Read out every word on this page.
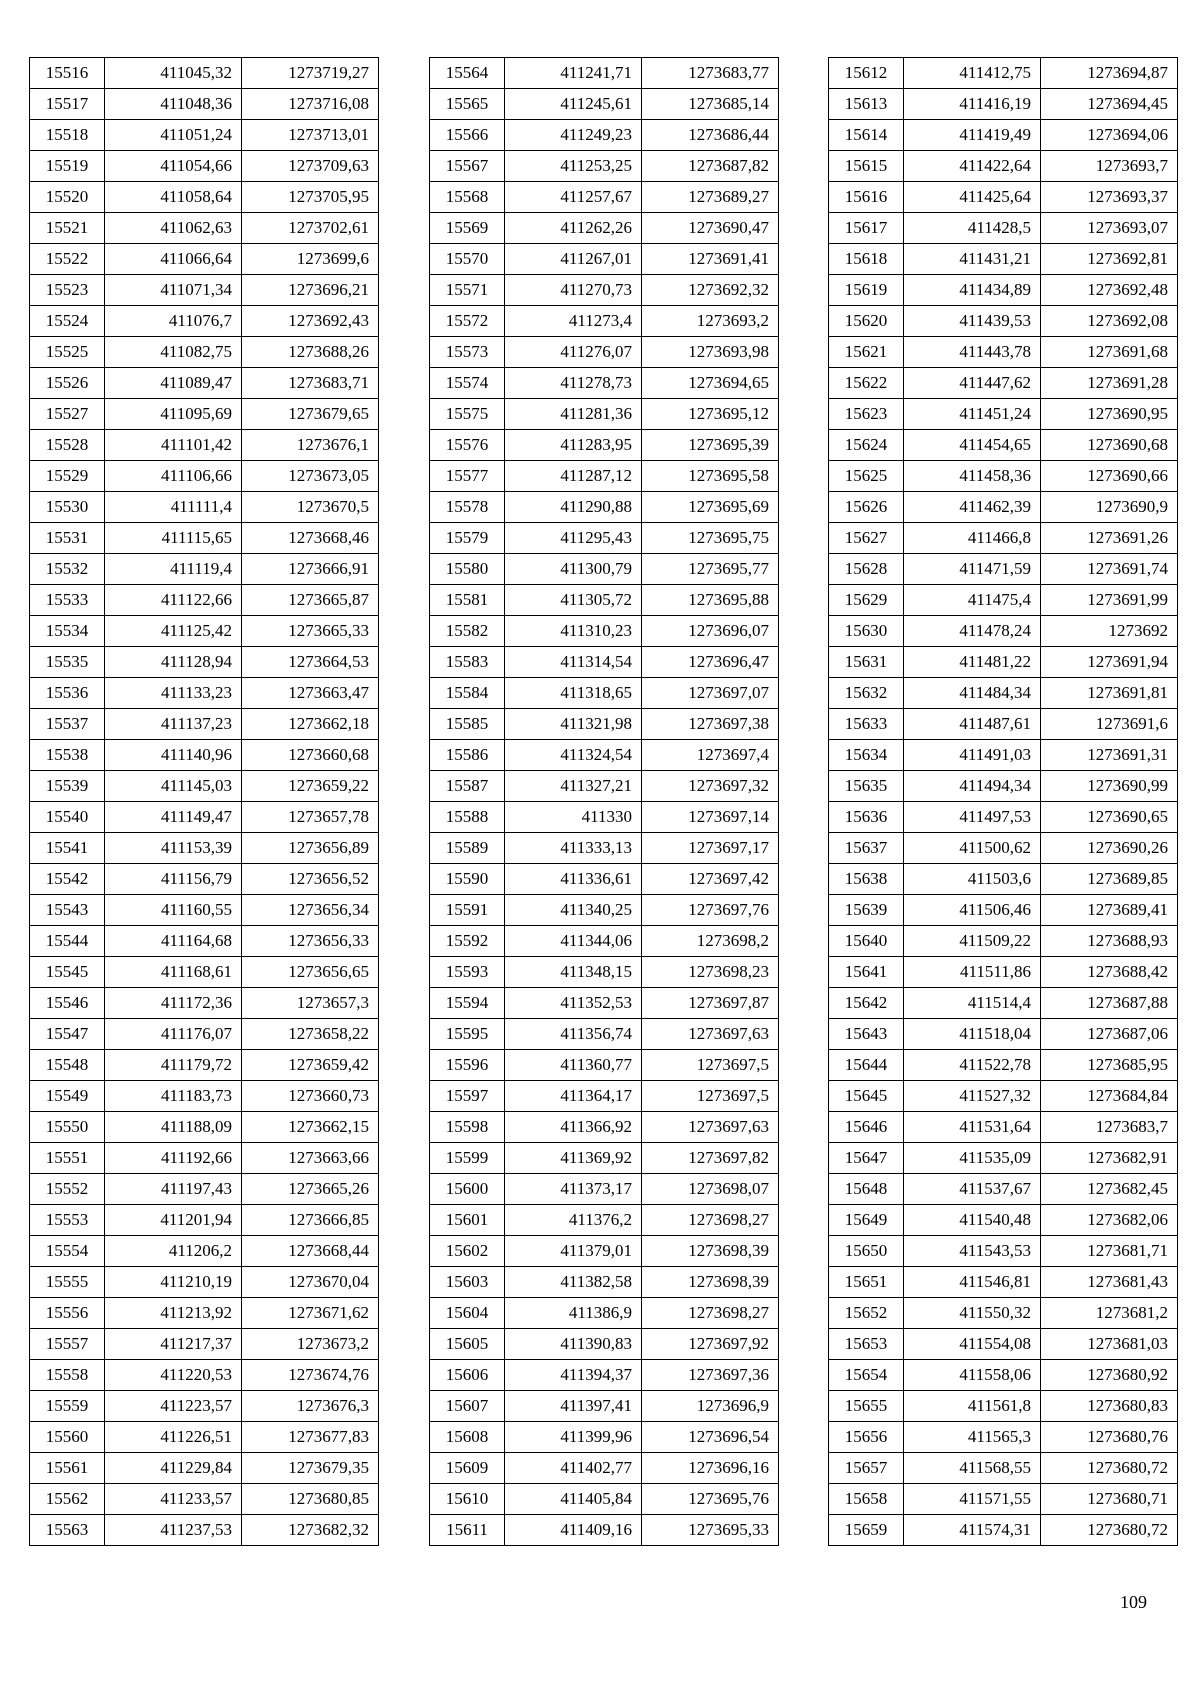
15516	411045,32	1273719,27
15517	411048,36	1273716,08
15518	411051,24	1273713,01
15519	411054,66	1273709,63
15520	411058,64	1273705,95
15521	411062,63	1273702,61
15522	411066,64	1273699,6
15523	411071,34	1273696,21
15524	411076,7	1273692,43
15525	411082,75	1273688,26
15526	411089,47	1273683,71
15527	411095,69	1273679,65
15528	411101,42	1273676,1
15529	411106,66	1273673,05
15530	411111,4	1273670,5
15531	411115,65	1273668,46
15532	411119,4	1273666,91
15533	411122,66	1273665,87
15534	411125,42	1273665,33
15535	411128,94	1273664,53
15536	411133,23	1273663,47
15537	411137,23	1273662,18
15538	411140,96	1273660,68
15539	411145,03	1273659,22
15540	411149,47	1273657,78
15541	411153,39	1273656,89
15542	411156,79	1273656,52
15543	411160,55	1273656,34
15544	411164,68	1273656,33
15545	411168,61	1273656,65
15546	411172,36	1273657,3
15547	411176,07	1273658,22
15548	411179,72	1273659,42
15549	411183,73	1273660,73
15550	411188,09	1273662,15
15551	411192,66	1273663,66
15552	411197,43	1273665,26
15553	411201,94	1273666,85
15554	411206,2	1273668,44
15555	411210,19	1273670,04
15556	411213,92	1273671,62
15557	411217,37	1273673,2
15558	411220,53	1273674,76
15559	411223,57	1273676,3
15560	411226,51	1273677,83
15561	411229,84	1273679,35
15562	411233,57	1273680,85
15563	411237,53	1273682,32
15564	411241,71	1273683,77
15565	411245,61	1273685,14
15566	411249,23	1273686,44
15567	411253,25	1273687,82
15568	411257,67	1273689,27
15569	411262,26	1273690,47
15570	411267,01	1273691,41
15571	411270,73	1273692,32
15572	411273,4	1273693,2
15573	411276,07	1273693,98
15574	411278,73	1273694,65
15575	411281,36	1273695,12
15576	411283,95	1273695,39
15577	411287,12	1273695,58
15578	411290,88	1273695,69
15579	411295,43	1273695,75
15580	411300,79	1273695,77
15581	411305,72	1273695,88
15582	411310,23	1273696,07
15583	411314,54	1273696,47
15584	411318,65	1273697,07
15585	411321,98	1273697,38
15586	411324,54	1273697,4
15587	411327,21	1273697,32
15588	411330	1273697,14
15589	411333,13	1273697,17
15590	411336,61	1273697,42
15591	411340,25	1273697,76
15592	411344,06	1273698,2
15593	411348,15	1273698,23
15594	411352,53	1273697,87
15595	411356,74	1273697,63
15596	411360,77	1273697,5
15597	411364,17	1273697,5
15598	411366,92	1273697,63
15599	411369,92	1273697,82
15600	411373,17	1273698,07
15601	411376,2	1273698,27
15602	411379,01	1273698,39
15603	411382,58	1273698,39
15604	411386,9	1273698,27
15605	411390,83	1273697,92
15606	411394,37	1273697,36
15607	411397,41	1273696,9
15608	411399,96	1273696,54
15609	411402,77	1273696,16
15610	411405,84	1273695,76
15611	411409,16	1273695,33
15612	411412,75	1273694,87
15613	411416,19	1273694,45
15614	411419,49	1273694,06
15615	411422,64	1273693,7
15616	411425,64	1273693,37
15617	411428,5	1273693,07
15618	411431,21	1273692,81
15619	411434,89	1273692,48
15620	411439,53	1273692,08
15621	411443,78	1273691,68
15622	411447,62	1273691,28
15623	411451,24	1273690,95
15624	411454,65	1273690,68
15625	411458,36	1273690,66
15626	411462,39	1273690,9
15627	411466,8	1273691,26
15628	411471,59	1273691,74
15629	411475,4	1273691,99
15630	411478,24	1273692
15631	411481,22	1273691,94
15632	411484,34	1273691,81
15633	411487,61	1273691,6
15634	411491,03	1273691,31
15635	411494,34	1273690,99
15636	411497,53	1273690,65
15637	411500,62	1273690,26
15638	411503,6	1273689,85
15639	411506,46	1273689,41
15640	411509,22	1273688,93
15641	411511,86	1273688,42
15642	411514,4	1273687,88
15643	411518,04	1273687,06
15644	411522,78	1273685,95
15645	411527,32	1273684,84
15646	411531,64	1273683,7
15647	411535,09	1273682,91
15648	411537,67	1273682,45
15649	411540,48	1273682,06
15650	411543,53	1273681,71
15651	411546,81	1273681,43
15652	411550,32	1273681,2
15653	411554,08	1273681,03
15654	411558,06	1273680,92
15655	411561,8	1273680,83
15656	411565,3	1273680,76
15657	411568,55	1273680,72
15658	411571,55	1273680,71
15659	411574,31	1273680,72
109
